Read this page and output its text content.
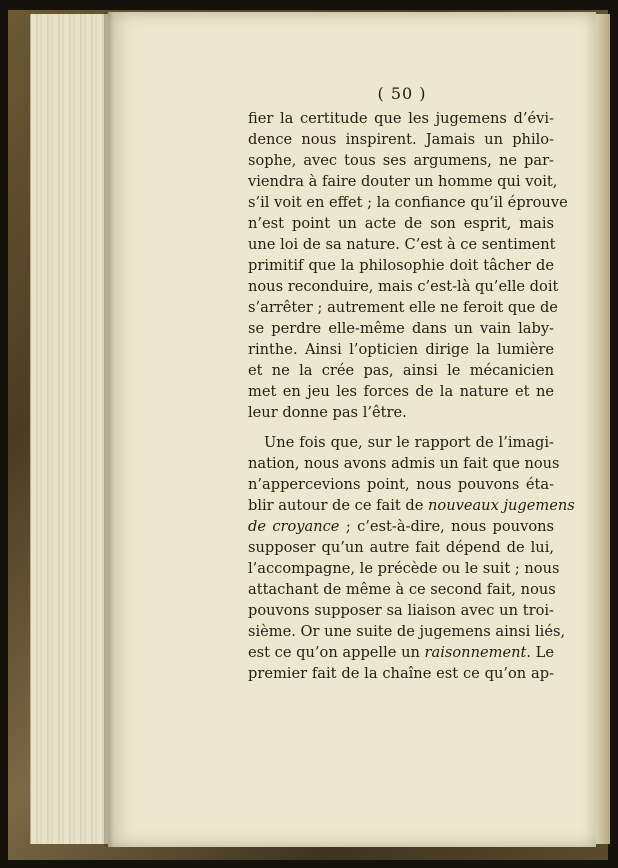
( 50 )
fier la certitude que les jugemens d’évi-
dence nous inspirent. Jamais un philo-
sophe, avec tous ses argumens, ne par-
viendra à faire douter un homme qui voit,
s’il voit en effet ; la confiance qu’il éprouve
n’est point un acte de son esprit, mais
une loi de sa nature. C’est à ce sentiment
primitif que la philosophie doit tâcher de
nous reconduire, mais c’est-là qu’elle doit
s’arrêter ; autrement elle ne feroit que de
se perdre elle-même dans un vain laby-
rinthe. Ainsi l’opticien dirige la lumière
et ne la crée pas, ainsi le mécanicien
met en jeu les forces de la nature et ne
leur donne pas l’être.
Une fois que, sur le rapport de l’imagi-
nation, nous avons admis un fait que nous
n’appercevions point, nous pouvons éta-
blir autour de ce fait de nouveaux jugemens
de croyance ; c’est-à-dire, nous pouvons
supposer qu’un autre fait dépend de lui,
l’accompagne, le précède ou le suit ; nous
attachant de même à ce second fait, nous
pouvons supposer sa liaison avec un troi-
sième. Or une suite de jugemens ainsi liés,
est ce qu’on appelle un raisonnement. Le
premier fait de la chaîne est ce qu’on ap-
